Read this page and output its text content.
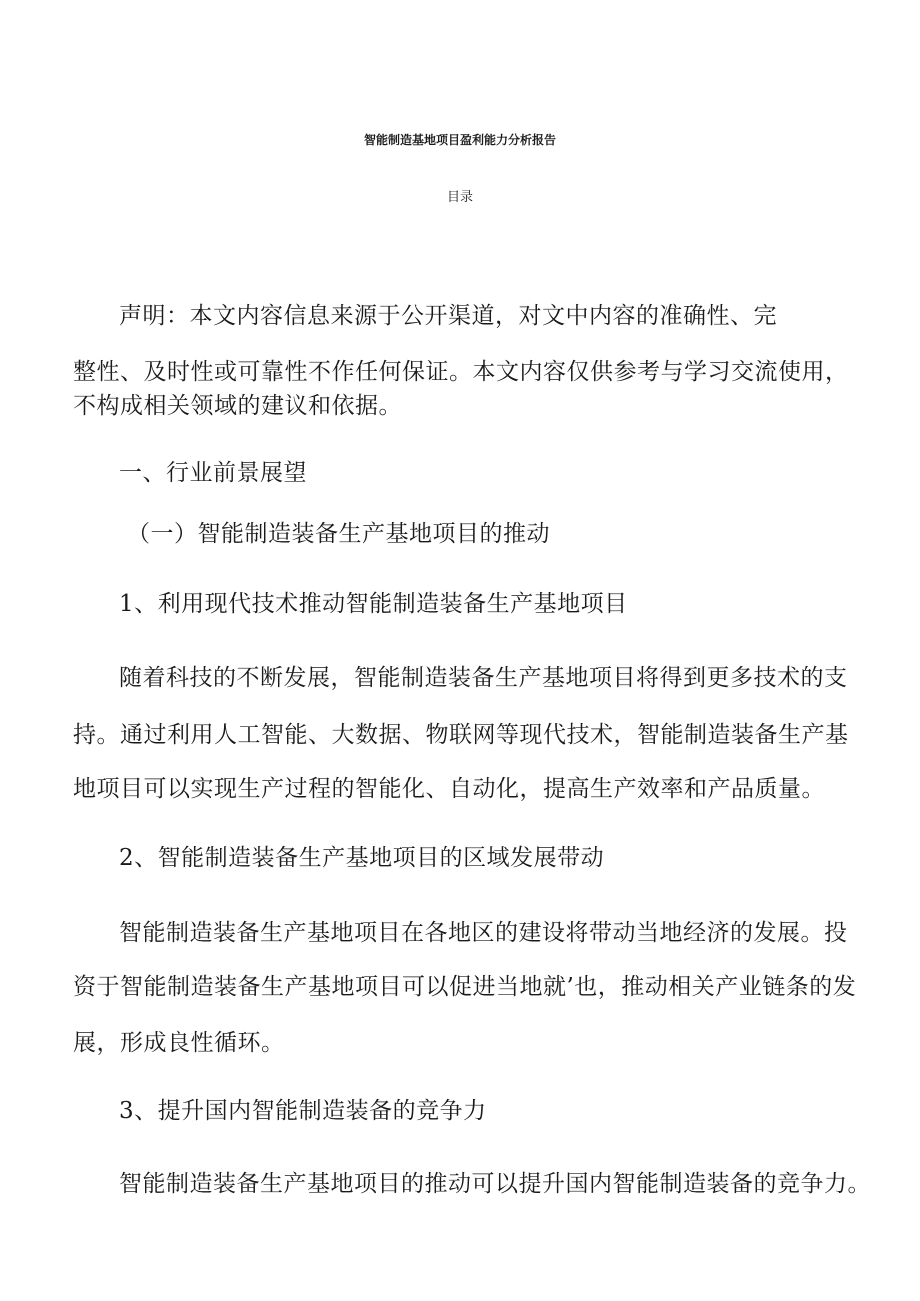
智能制造基地项目盈利能力分析报告
目录

声明：本文内容信息来源于公开渠道，对文中内容的准确性、完

整性、及时性或可靠性不作任何保证。本文内容仅供参考与学习交流使用，

不构成相关领域的建议和依据。

一、行业前景展望

（一）智能制造装备生产基地项目的推动

1、利用现代技术推动智能制造装备生产基地项目

随着科技的不断发展，智能制造装备生产基地项目将得到更多技术的支

持。通过利用人工智能、大数据、物联网等现代技术，智能制造装备生产基

地项目可以实现生产过程的智能化、自动化，提高生产效率和产品质量。

2、智能制造装备生产基地项目的区域发展带动

智能制造装备生产基地项目在各地区的建设将带动当地经济的发展。投

资于智能制造装备生产基地项目可以促进当地就’也，推动相关产业链条的发

展，形成良性循环。

3、提升国内智能制造装备的竞争力

智能制造装备生产基地项目的推动可以提升国内智能制造装备的竞争力。
